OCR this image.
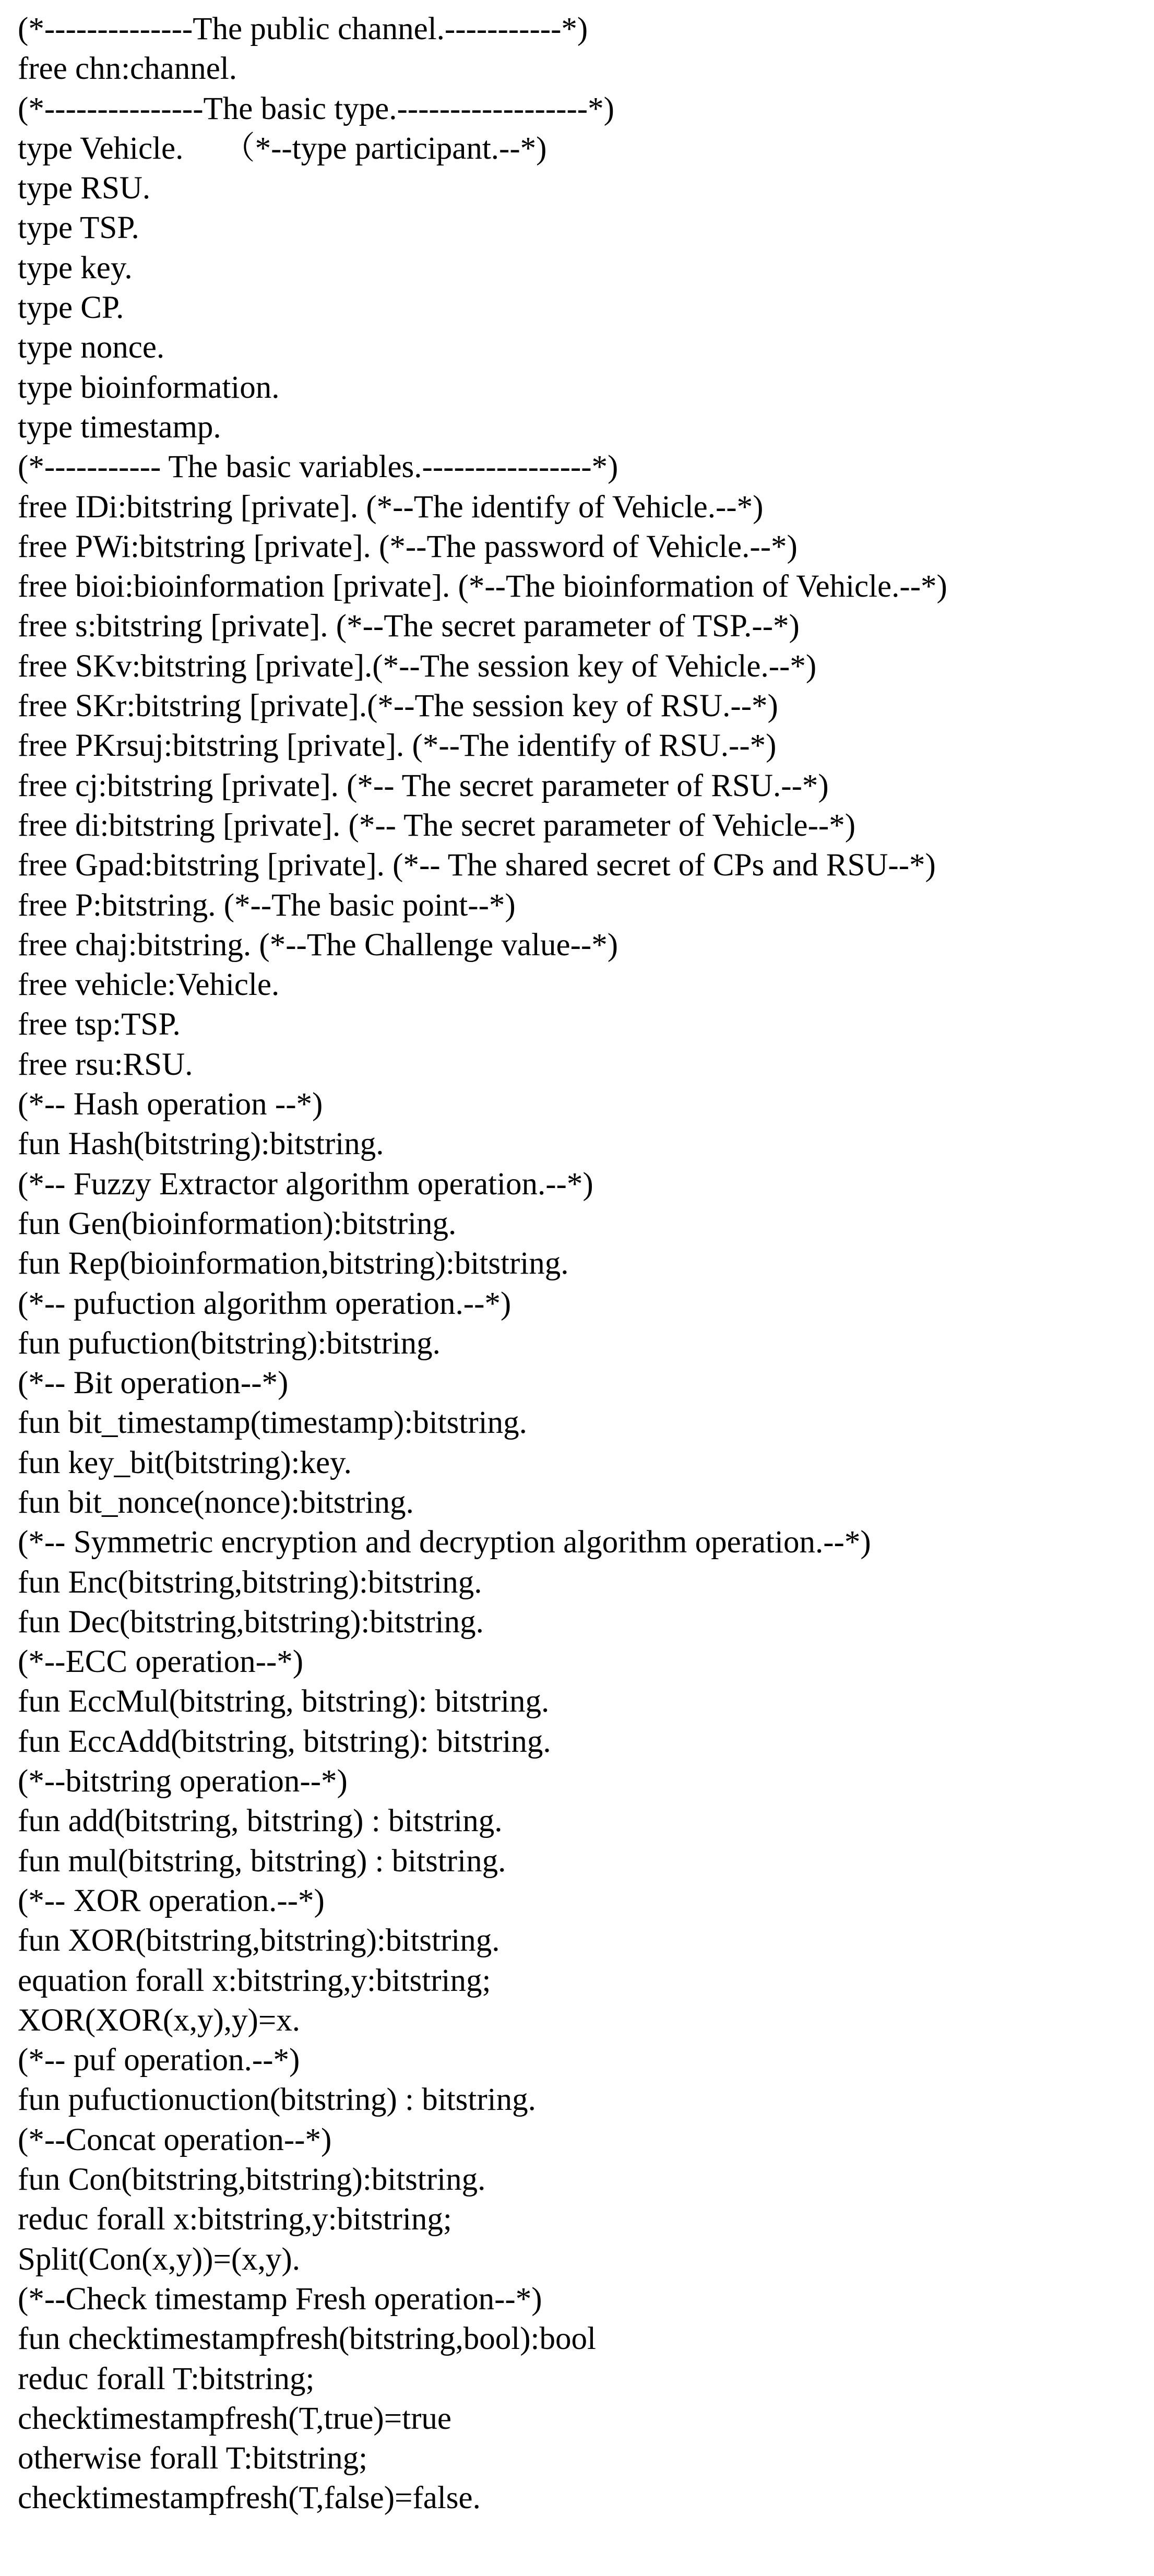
(*--------------The public channel.-----------*)
free chn:channel.
(*---------------The basic type.------------------*)
type Vehicle.     （*--type participant.--*)
type RSU.
type TSP.
type key.
type CP.
type nonce.
type bioinformation.
type timestamp.
(*----------- The basic variables.----------------*)
free IDi:bitstring [private]. (*--The identify of Vehicle.--*)
free PWi:bitstring [private]. (*--The password of Vehicle.--*)
free bioi:bioinformation [private]. (*--The bioinformation of Vehicle.--*)
free s:bitstring [private]. (*--The secret parameter of TSP.--*)
free SKv:bitstring [private].(*--The session key of Vehicle.--*)
free SKr:bitstring [private].(*--The session key of RSU.--*)
free PKrsuj:bitstring [private]. (*--The identify of RSU.--*)
free cj:bitstring [private]. (*-- The secret parameter of RSU.--*)
free di:bitstring [private]. (*-- The secret parameter of Vehicle--*)
free Gpad:bitstring [private]. (*-- The shared secret of CPs and RSU--*)
free P:bitstring. (*--The basic point--*)
free chaj:bitstring. (*--The Challenge value--*)
free vehicle:Vehicle.
free tsp:TSP.
free rsu:RSU.
(*-- Hash operation --*)
fun Hash(bitstring):bitstring.
(*-- Fuzzy Extractor algorithm operation.--*)
fun Gen(bioinformation):bitstring.
fun Rep(bioinformation,bitstring):bitstring.
(*-- pufuction algorithm operation.--*)
fun pufuction(bitstring):bitstring.
(*-- Bit operation--*)
fun bit_timestamp(timestamp):bitstring.
fun key_bit(bitstring):key.
fun bit_nonce(nonce):bitstring.
(*-- Symmetric encryption and decryption algorithm operation.--*)
fun Enc(bitstring,bitstring):bitstring.
fun Dec(bitstring,bitstring):bitstring.
(*--ECC operation--*)
fun EccMul(bitstring, bitstring): bitstring.
fun EccAdd(bitstring, bitstring): bitstring.
(*--bitstring operation--*)
fun add(bitstring, bitstring) : bitstring.
fun mul(bitstring, bitstring) : bitstring.
(*-- XOR operation.--*)
fun XOR(bitstring,bitstring):bitstring.
equation forall x:bitstring,y:bitstring;
XOR(XOR(x,y),y)=x.
(*-- puf operation.--*)
fun pufuctionuction(bitstring) : bitstring.
(*--Concat operation--*)
fun Con(bitstring,bitstring):bitstring.
reduc forall x:bitstring,y:bitstring;
Split(Con(x,y))=(x,y).
(*--Check timestamp Fresh operation--*)
fun checktimestampfresh(bitstring,bool):bool
reduc forall T:bitstring;
checktimestampfresh(T,true)=true
otherwise forall T:bitstring;
checktimestampfresh(T,false)=false.
